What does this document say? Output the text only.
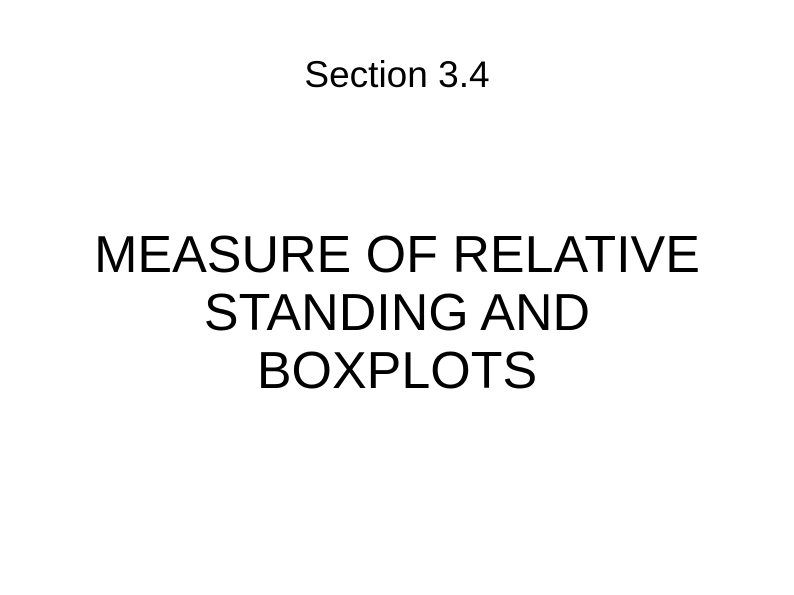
Section 3.4
MEASURE OF RELATIVE
STANDING AND
BOXPLOTS
